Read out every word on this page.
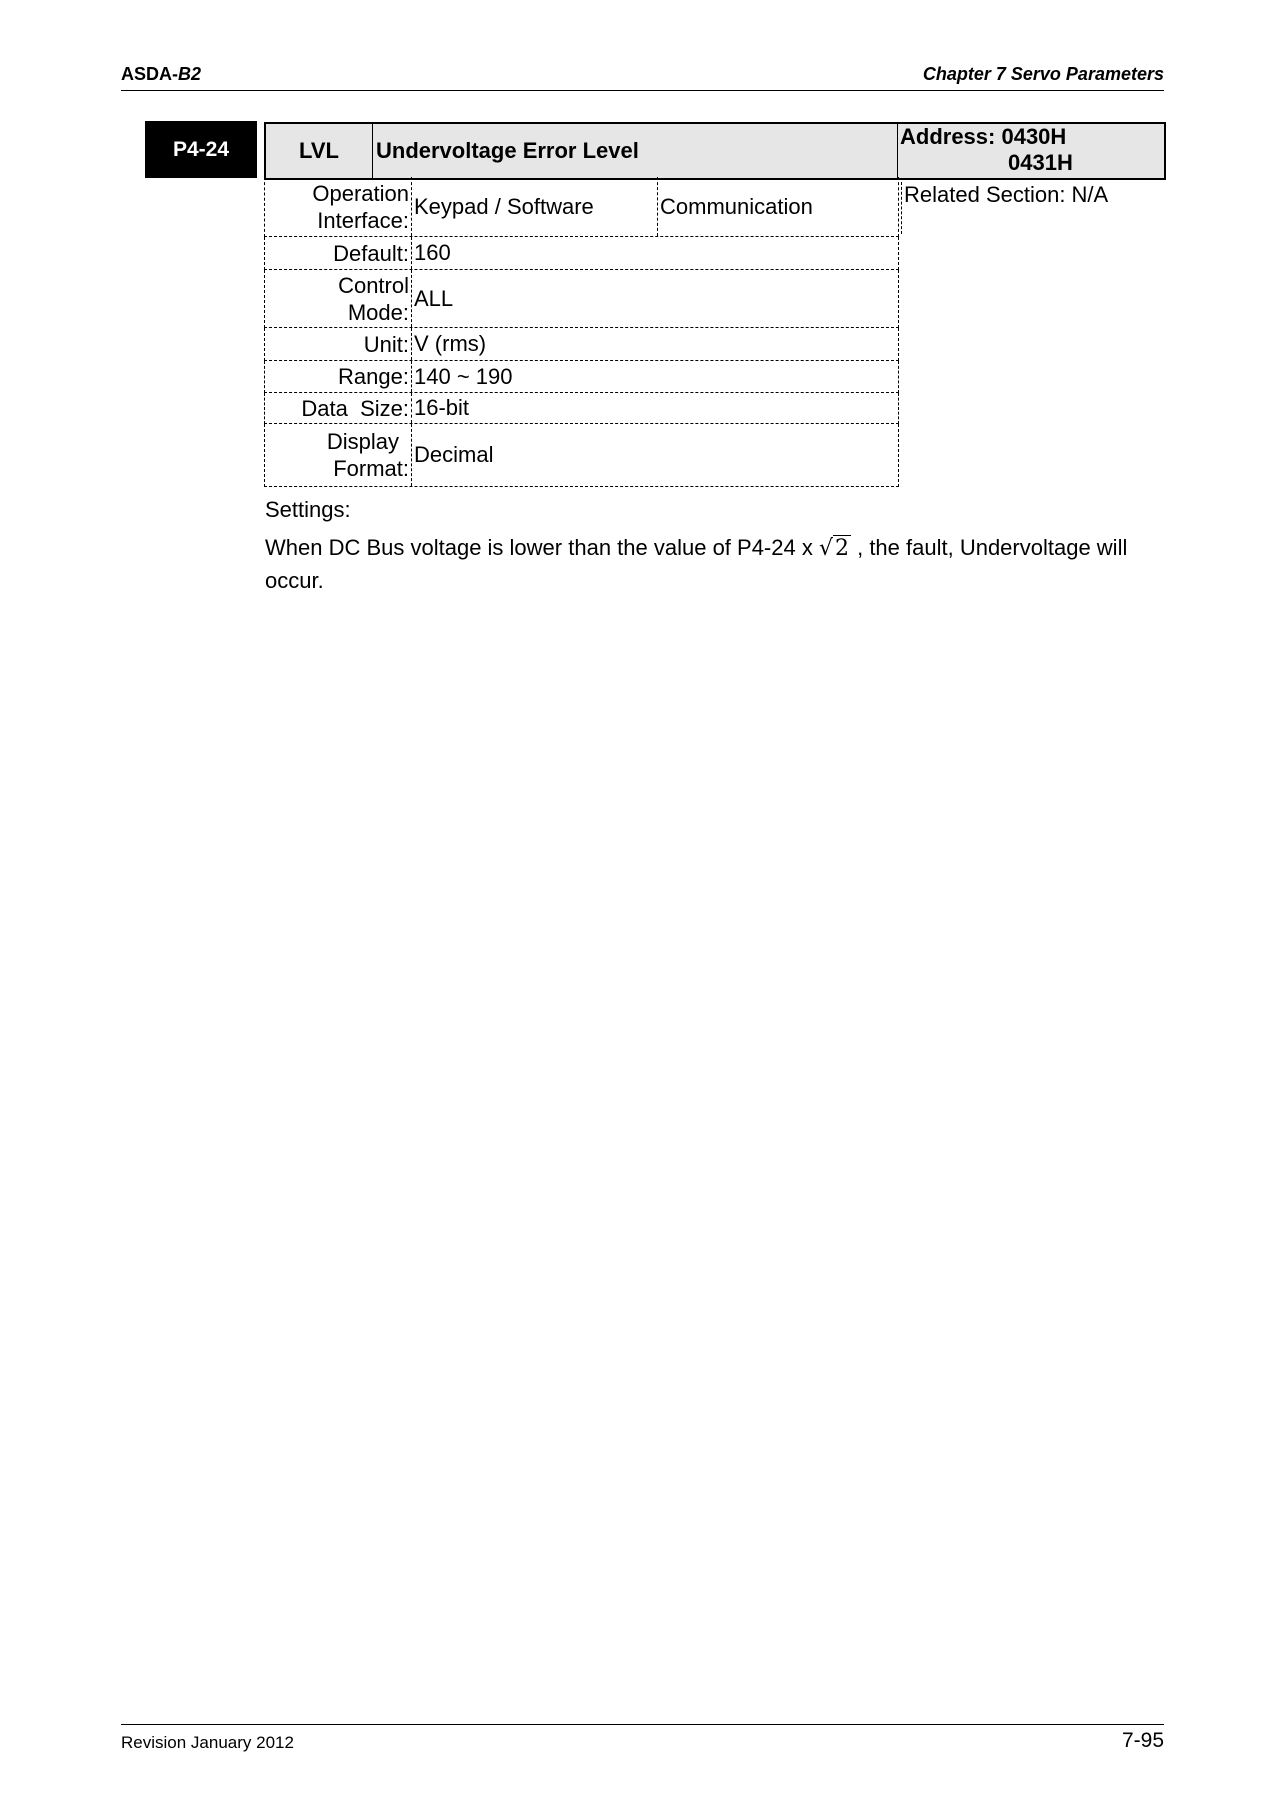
ASDA-B2	Chapter 7 Servo Parameters
P4-24	LVL	Undervoltage Error Level
Address: 0430H
0431H
Operation
Interface:
Keypad / Software	Communication
Default: 160
Control
Mode:
ALL
Unit: V (rms)
Range: 140 ~ 190
Data  Size: 16-bit
Display
Format:
Decimal
Related Section: N/A
Settings:
When DC Bus voltage is lower than the value of P4-24 x √2 , the fault, Undervoltage will occur.
Revision January 2012	7-95
